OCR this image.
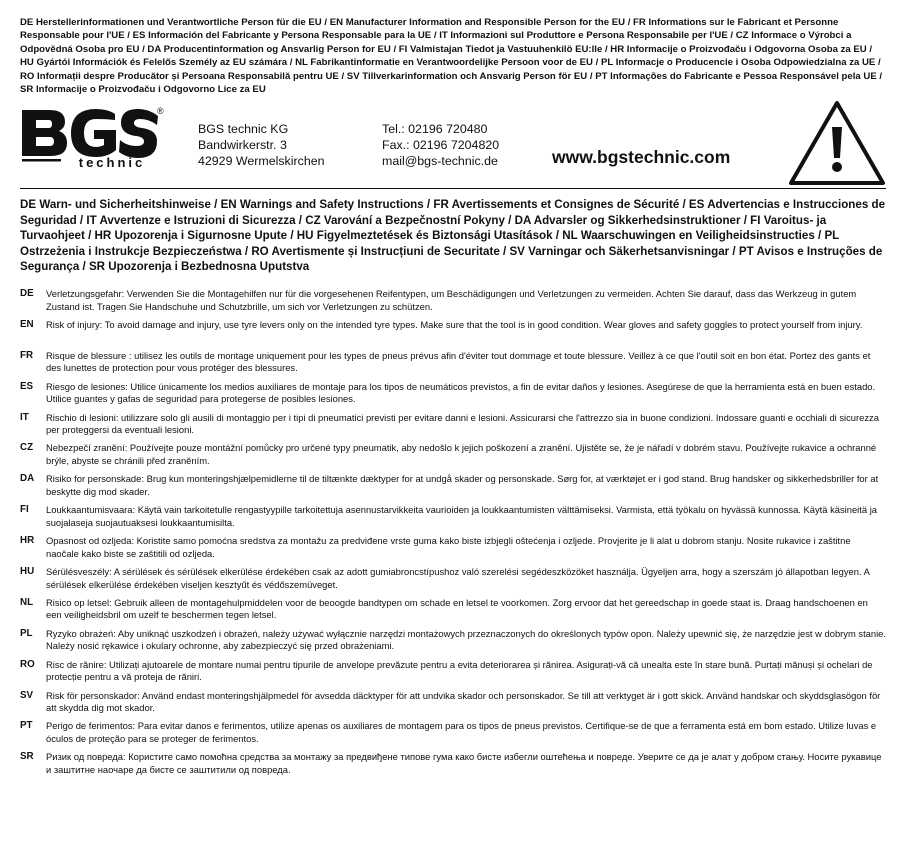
DE Herstellerinformationen und Verantwortliche Person für die EU / EN Manufacturer Information and Responsible Person for the EU / FR Informations sur le Fabricant et Personne Responsable pour l'UE / ES Información del Fabricante y Persona Responsable para la UE / IT Informazioni sul Produttore e Persona Responsabile per l'UE / CZ Informace o Výrobci a Odpovědná Osoba pro EU / DA Producentinformation og Ansvarlig Person for EU / FI Valmistajan Tiedot ja Vastuuhenkilö EU:lle / HR Informacije o Proizvođaču i Odgovorna Osoba za EU / HU Gyártói Információk és Felelős Személy az EU számára / NL Fabrikantinformatie en Verantwoordelijke Persoon voor de EU / PL Informacje o Producencie i Osoba Odpowiedzialna za UE / RO Informații despre Producător și Persoana Responsabilă pentru UE / SV Tillverkarinformation och Ansvarig Person för EU / PT Informações do Fabricante e Pessoa Responsável pela UE / SR Informacije o Proizvođaču i Odgovorno Lice za EU
®
technic
BGS technic KG
Bandwirkerstr. 3
42929 Wermelskirchen
Tel.: 02196 720480
Fax.: 02196 7204820
mail@bgs-technic.de	www.bgstechnic.com
DE Warn- und Sicherheitshinweise / EN Warnings and Safety Instructions / FR Avertissements et Consignes de Sécurité / ES Advertencias e Instrucciones de Seguridad / IT Avvertenze e Istruzioni di Sicurezza / CZ Varování a Bezpečnostní Pokyny / DA Advarsler og Sikkerhedsinstruktioner / FI Varoitus- ja Turvaohjeet / HR Upozorenja i Sigurnosne Upute / HU Figyelmeztetések és Biztonsági Utasítások / NL Waarschuwingen en Veiligheidsinstructies / PL Ostrzeżenia i Instrukcje Bezpieczeństwa / RO Avertismente și Instrucțiuni de Securitate / SV Varningar och Säkerhetsanvisningar / PT Avisos e Instruções de Segurança / SR Upozorenja i Bezbednosna Uputstva
DE	Verletzungsgefahr: Verwenden Sie die Montagehilfen nur für die vorgesehenen Reifentypen, um Beschädigungen und Verletzungen zu vermeiden. Achten Sie darauf, dass das Werkzeug in gutem Zustand ist. Tragen Sie Handschuhe und Schutzbrille, um sich vor Verletzungen zu schützen.
EN	Risk of injury: To avoid damage and injury, use tyre levers only on the intended tyre types. Make sure that the tool is in good condition. Wear gloves and safety goggles to protect yourself from injury.
FR	Risque de blessure : utilisez les outils de montage uniquement pour les types de pneus prévus afin d'éviter tout dommage et toute blessure. Veillez à ce que l'outil soit en bon état. Portez des gants et des lunettes de protection pour vous protéger des blessures.
ES	Riesgo de lesiones: Utilice únicamente los medios auxiliares de montaje para los tipos de neumáticos previstos, a fin de evitar daños y lesiones. Asegúrese de que la herramienta está en buen estado. Utilice guantes y gafas de seguridad para protegerse de posibles lesiones.
IT	Rischio di lesioni: utilizzare solo gli ausili di montaggio per i tipi di pneumatici previsti per evitare danni e lesioni. Assicurarsi che l'attrezzo sia in buone condizioni. Indossare guanti e occhiali di sicurezza per proteggersi da eventuali lesioni.
CZ	Nebezpečí zranění: Používejte pouze montážní pomůcky pro určené typy pneumatik, aby nedošlo k jejich poškození a zranění. Ujistěte se, že je nářadí v dobrém stavu. Používejte rukavice a ochranné brýle, abyste se chránili před zraněním.
DA	Risiko for personskade: Brug kun monteringshjælpemidlerne til de tiltænkte dæktyper for at undgå skader og personskade. Sørg for, at værktøjet er i god stand. Brug handsker og sikkerhedsbriller for at beskytte dig mod skader.
FI	Loukkaantumisvaara: Käytä vain tarkoitetulle rengastyypille tarkoitettuja asennustarvikkeita vaurioiden ja loukkaantumisten välttämiseksi. Varmista, että työkalu on hyvässä kunnossa. Käytä käsineitä ja suojalaseja suojautuaksesi loukkaantumisilta.
HR	Opasnost od ozljeda: Koristite samo pomoćna sredstva za montažu za predviđene vrste guma kako biste izbjegli oštećenja i ozljede. Provjerite je li alat u dobrom stanju. Nosite rukavice i zaštitne naočale kako biste se zaštitili od ozljeda.
HU	Sérülésveszély: A sérülések és sérülések elkerülése érdekében csak az adott gumiabroncstípushoz való szerelési segédeszközöket használja. Ügyeljen arra, hogy a szerszám jó állapotban legyen. A sérülések elkerülése érdekében viseljen kesztyűt és védőszemüveget.
NL	Risico op letsel: Gebruik alleen de montagehulpmiddelen voor de beoogde bandtypen om schade en letsel te voorkomen. Zorg ervoor dat het gereedschap in goede staat is. Draag handschoenen en een veiligheidsbril om uzelf te beschermen tegen letsel.
PL	Ryzyko obrażeń: Aby uniknąć uszkodzeń i obrażeń, należy używać wyłącznie narzędzi montażowych przeznaczonych do określonych typów opon. Należy upewnić się, że narzędzie jest w dobrym stanie. Należy nosić rękawice i okulary ochronne, aby zabezpieczyć się przed obrażeniami.
RO	Risc de rănire: Utilizați ajutoarele de montare numai pentru tipurile de anvelope prevăzute pentru a evita deteriorarea și rănirea. Asigurați-vă că unealta este în stare bună. Purtați mănuși și ochelari de protecție pentru a vă proteja de răniri.
SV	Risk för personskador: Använd endast monteringshjälpmedel för avsedda däcktyper för att undvika skador och personskador. Se till att verktyget är i gott skick. Använd handskar och skyddsglasögon för att skydda dig mot skador.
PT	Perigo de ferimentos: Para evitar danos e ferimentos, utilize apenas os auxiliares de montagem para os tipos de pneus previstos. Certifique-se de que a ferramenta está em bom estado. Utilize luvas e óculos de proteção para se proteger de ferimentos.
SR	Ризик од повреда: Користите само помоћна средства за монтажу за предвиђене типове гума како бисте избегли оштећења и повреде. Уверите се да је алат у добром стању. Носите рукавице и заштитне наочаре да бисте се заштитили од повреда.
